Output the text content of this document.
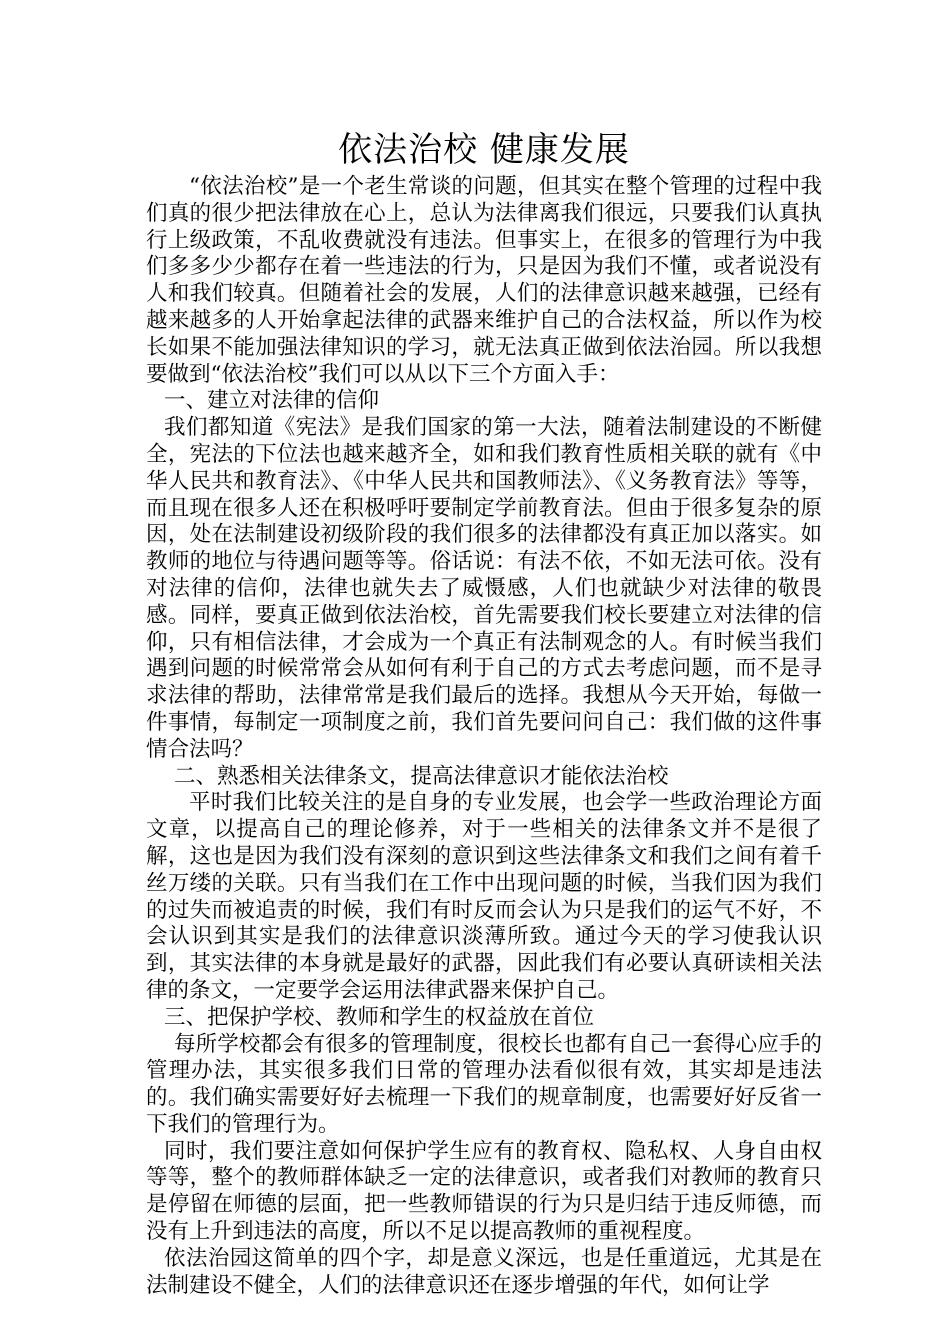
依法治校 健康发展

“依法治校”是一个老生常谈的问题，但其实在整个管理的过程中我们真的很少把法律放在心上，总认为法律离我们很远，只要我们认真执行上级政策，不乱收费就没有违法。但事实上，在很多的管理行为中我们多多少少都存在着一些违法的行为，只是因为我们不懂，或者说没有人和我们较真。但随着社会的发展，人们的法律意识越来越强，已经有越来越多的人开始拿起法律的武器来维护自己的合法权益，所以作为校长如果不能加强法律知识的学习，就无法真正做到依法治园。所以我想要做到“依法治校”我们可以从以下三个方面入手：

一、建立对法律的信仰

我们都知道《宪法》是我们国家的第一大法，随着法制建设的不断健全，宪法的下位法也越来越齐全，如和我们教育性质相关联的就有《中华人民共和教育法》、《中华人民共和国教师法》、《义务教育法》等等，而且现在很多人还在积极呼吁要制定学前教育法。但由于很多复杂的原因，处在法制建设初级阶段的我们很多的法律都没有真正加以落实。如教师的地位与待遇问题等等。俗话说：有法不依，不如无法可依。没有对法律的信仰，法律也就失去了威慑感，人们也就缺少对法律的敬畏感。同样，要真正做到依法治校，首先需要我们校长要建立对法律的信仰，只有相信法律，才会成为一个真正有法制观念的人。有时候当我们遇到问题的时候常常会从如何有利于自己的方式去考虑问题，而不是寻求法律的帮助，法律常常是我们最后的选择。我想从今天开始，每做一件事情，每制定一项制度之前，我们首先要问问自己：我们做的这件事情合法吗？

二、熟悉相关法律条文，提高法律意识才能依法治校

平时我们比较关注的是自身的专业发展，也会学一些政治理论方面文章，以提高自己的理论修养，对于一些相关的法律条文并不是很了解，这也是因为我们没有深刻的意识到这些法律条文和我们之间有着千丝万缕的关联。只有当我们在工作中出现问题的时候，当我们因为我们的过失而被追责的时候，我们有时反而会认为只是我们的运气不好，不会认识到其实是我们的法律意识淡薄所致。通过今天的学习使我认识到，其实法律的本身就是最好的武器，因此我们有必要认真研读相关法律的条文，一定要学会运用法律武器来保护自己。

三、把保护学校、教师和学生的权益放在首位

每所学校都会有很多的管理制度，很校长也都有自己一套得心应手的管理办法，其实很多我们日常的管理办法看似很有效，其实却是违法的。我们确实需要好好去梳理一下我们的规章制度，也需要好好反省一下我们的管理行为。

同时，我们要注意如何保护学生应有的教育权、隐私权、人身自由权等等，整个的教师群体缺乏一定的法律意识，或者我们对教师的教育只是停留在师德的层面，把一些教师错误的行为只是归结于违反师德，而没有上升到违法的高度，所以不足以提高教师的重视程度。

依法治园这简单的四个字，却是意义深远，也是任重道远，尤其是在法制建设不健全，人们的法律意识还在逐步增强的年代，如何让学
